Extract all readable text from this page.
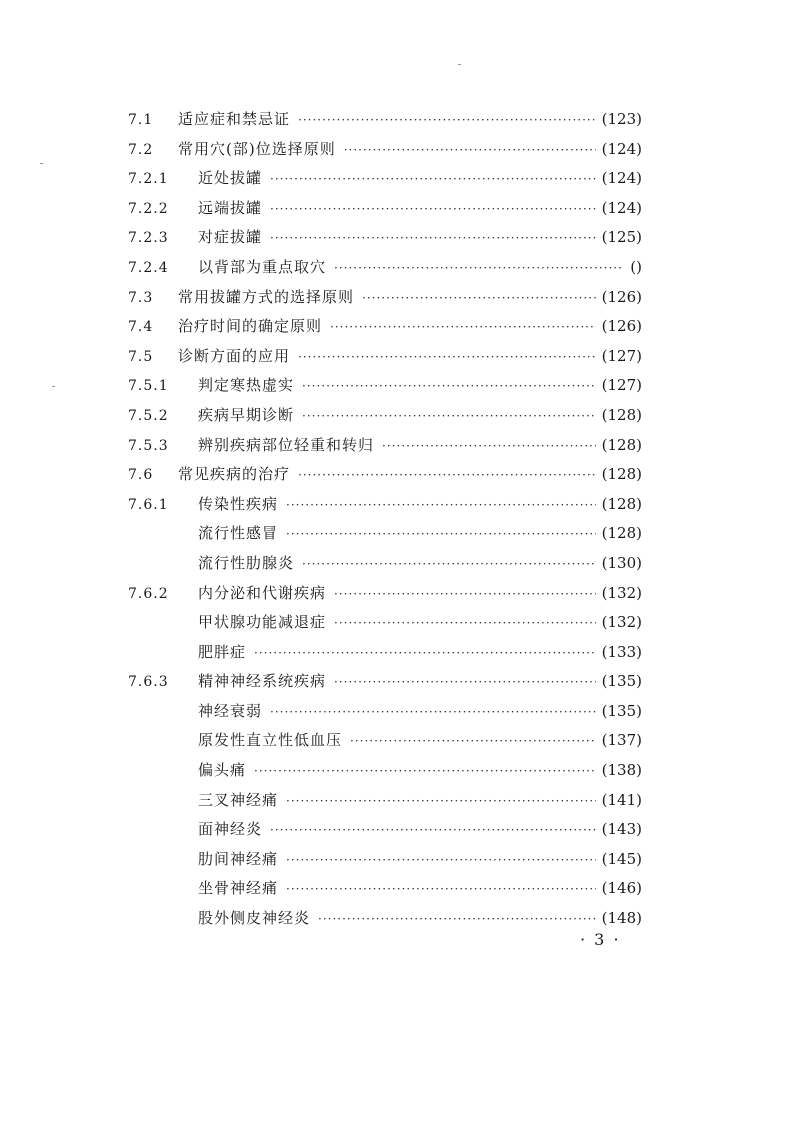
7.1	适应症和禁忌证 ·····	(123)
7.2	常用穴(部)位选择原则 ·····	(124)
7.2.1	近处拔罐 ·····	(124)
7.2.2	远端拔罐 ·····	(124)
7.2.3	对症拔罐 ·····	(125)
7.2.4	以背部为重点取穴 ·····	()
7.3	常用拔罐方式的选择原则 ·····	(126)
7.4	治疗时间的确定原则 ·····	(126)
7.5	诊断方面的应用 ·····	(127)
7.5.1	判定寒热虚实 ·····	(127)
7.5.2	疾病早期诊断 ·····	(128)
7.5.3	辨别疾病部位轻重和转归 ·····	(128)
7.6	常见疾病的治疗 ·····	(128)
7.6.1	传染性疾病 ·····	(128)
流行性感冒 ·····	(128)
流行性肋腺炎 ·····	(130)
7.6.2	内分泌和代谢疾病 ·····	(132)
甲状腺功能减退症 ·····	(132)
肥胖症 ·····	(133)
7.6.3	精神神经系统疾病 ·····	(135)
神经衰弱 ·····	(135)
原发性直立性低血压 ·····	(137)
偏头痛 ·····	(138)
三叉神经痛 ·····	(141)
面神经炎 ·····	(143)
肋间神经痛 ·····	(145)
坐骨神经痛 ·····	(146)
股外侧皮神经炎 ·····	(148)
· 3 ·
